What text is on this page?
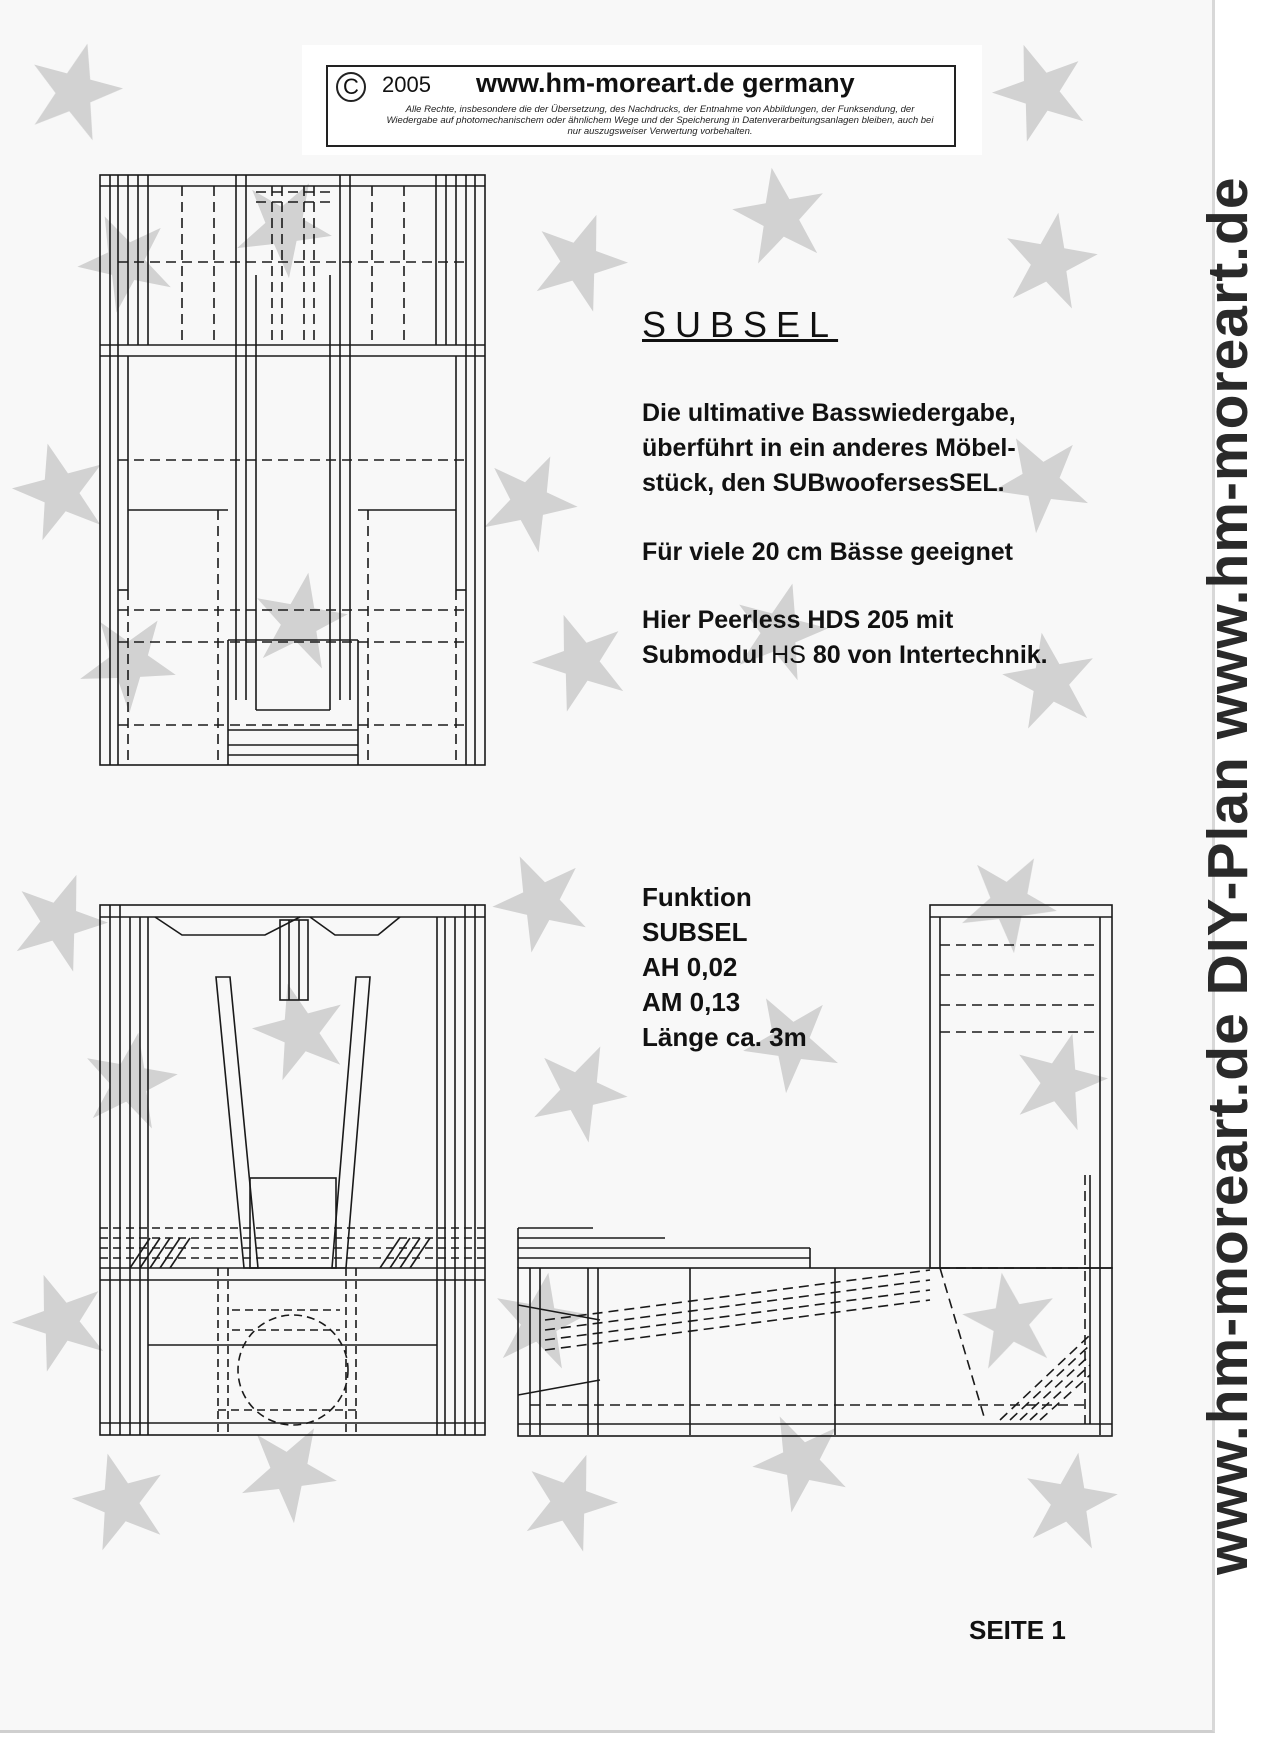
C	2005 www.hm-moreart.de germany
Alle Rechte, insbesondere die der Übersetzung, des Nachdrucks, der Entnahme von Abbildungen, der Funksendung, der Wiedergabe auf photomechanischem oder ähnlichem Wege und der Speicherung in Datenverarbeitungsanlagen bleiben, auch bei nur auszugsweiser Verwertung vorbehalten.
SUBSEL
Die ultimative Basswiedergabe,
überführt in ein anderes Möbel-
stück, den SUBwoofersesSEL.
Für viele 20 cm Bässe geeignet
Hier Peerless HDS 205 mit
Submodul HS 80 von Intertechnik.
Funktion
SUBSEL
AH 0,02
AM 0,13
Länge ca. 3m	www.hm-moreart.de DIY-Plan www.hm-moreart.de
SEITE 1
